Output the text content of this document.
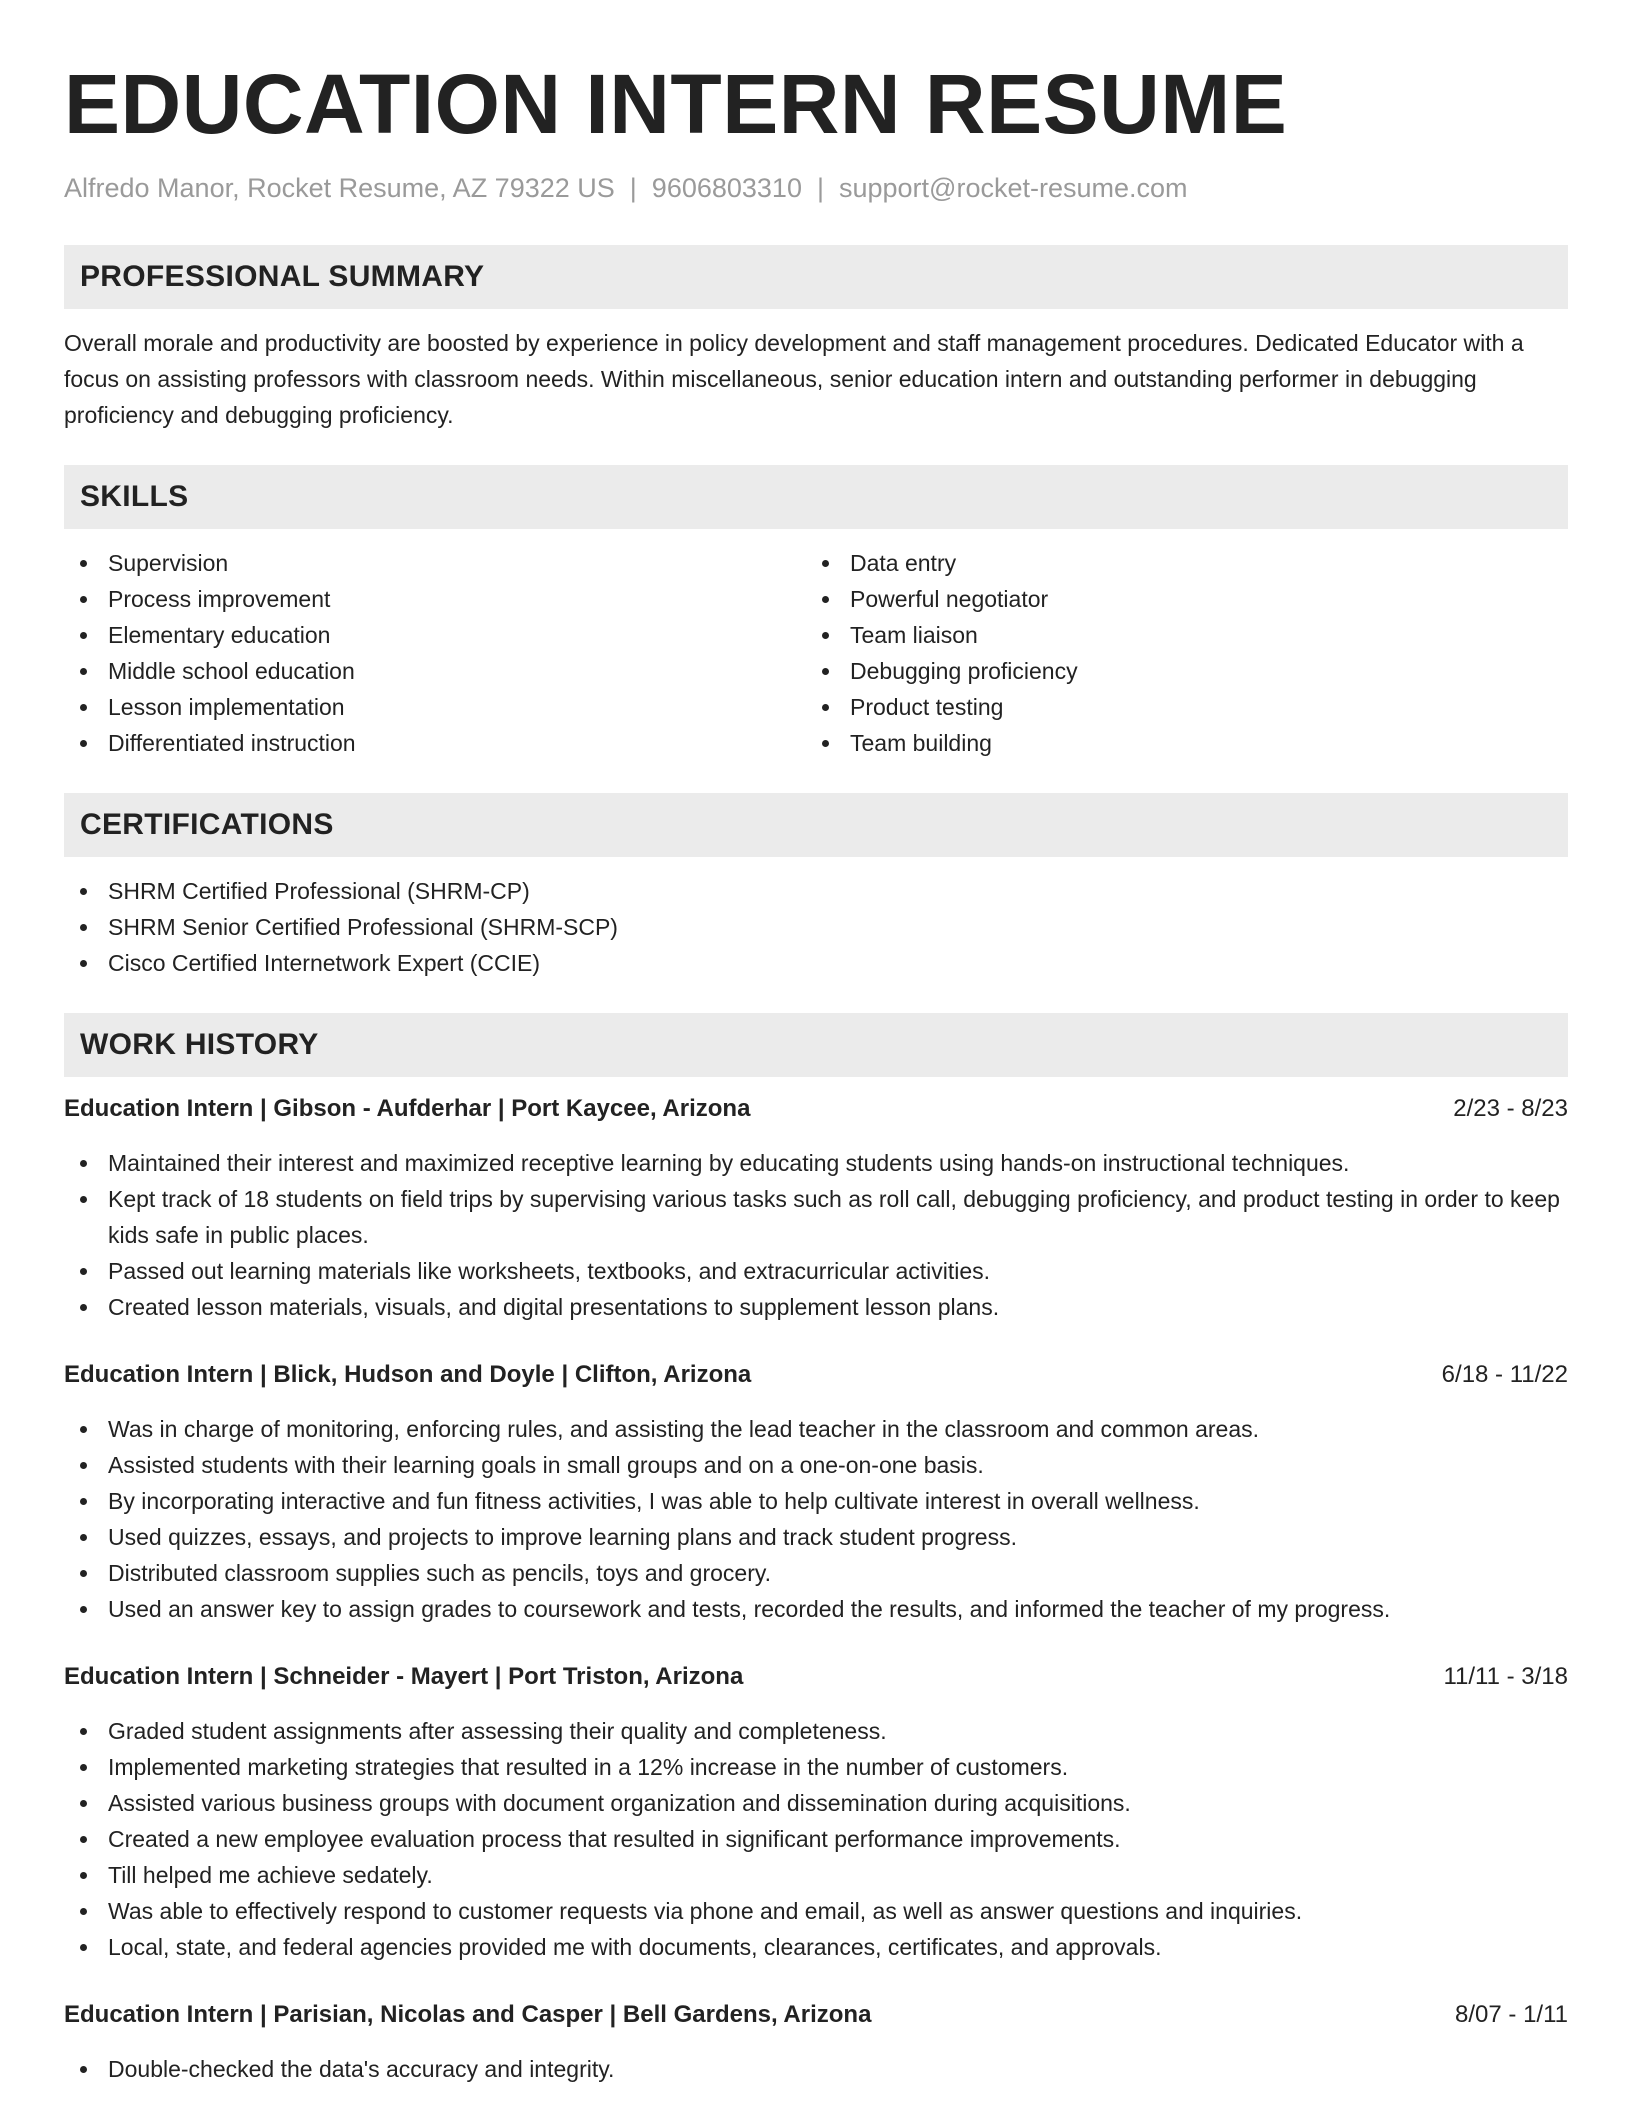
EDUCATION INTERN RESUME
Alfredo Manor, Rocket Resume, AZ 79322 US | 9606803310 | support@rocket-resume.com
PROFESSIONAL SUMMARY
Overall morale and productivity are boosted by experience in policy development and staff management procedures. Dedicated Educator with a focus on assisting professors with classroom needs. Within miscellaneous, senior education intern and outstanding performer in debugging proficiency and debugging proficiency.
SKILLS
Supervision
Process improvement
Elementary education
Middle school education
Lesson implementation
Differentiated instruction
Data entry
Powerful negotiator
Team liaison
Debugging proficiency
Product testing
Team building
CERTIFICATIONS
SHRM Certified Professional (SHRM-CP)
SHRM Senior Certified Professional (SHRM-SCP)
Cisco Certified Internetwork Expert (CCIE)
WORK HISTORY
Education Intern | Gibson - Aufderhar | Port Kaycee, Arizona	2/23 - 8/23
Maintained their interest and maximized receptive learning by educating students using hands-on instructional techniques.
Kept track of 18 students on field trips by supervising various tasks such as roll call, debugging proficiency, and product testing in order to keep kids safe in public places.
Passed out learning materials like worksheets, textbooks, and extracurricular activities.
Created lesson materials, visuals, and digital presentations to supplement lesson plans.
Education Intern | Blick, Hudson and Doyle | Clifton, Arizona	6/18 - 11/22
Was in charge of monitoring, enforcing rules, and assisting the lead teacher in the classroom and common areas.
Assisted students with their learning goals in small groups and on a one-on-one basis.
By incorporating interactive and fun fitness activities, I was able to help cultivate interest in overall wellness.
Used quizzes, essays, and projects to improve learning plans and track student progress.
Distributed classroom supplies such as pencils, toys and grocery.
Used an answer key to assign grades to coursework and tests, recorded the results, and informed the teacher of my progress.
Education Intern | Schneider - Mayert | Port Triston, Arizona	11/11 - 3/18
Graded student assignments after assessing their quality and completeness.
Implemented marketing strategies that resulted in a 12% increase in the number of customers.
Assisted various business groups with document organization and dissemination during acquisitions.
Created a new employee evaluation process that resulted in significant performance improvements.
Till helped me achieve sedately.
Was able to effectively respond to customer requests via phone and email, as well as answer questions and inquiries.
Local, state, and federal agencies provided me with documents, clearances, certificates, and approvals.
Education Intern | Parisian, Nicolas and Casper | Bell Gardens, Arizona	8/07 - 1/11
Double-checked the data's accuracy and integrity.
